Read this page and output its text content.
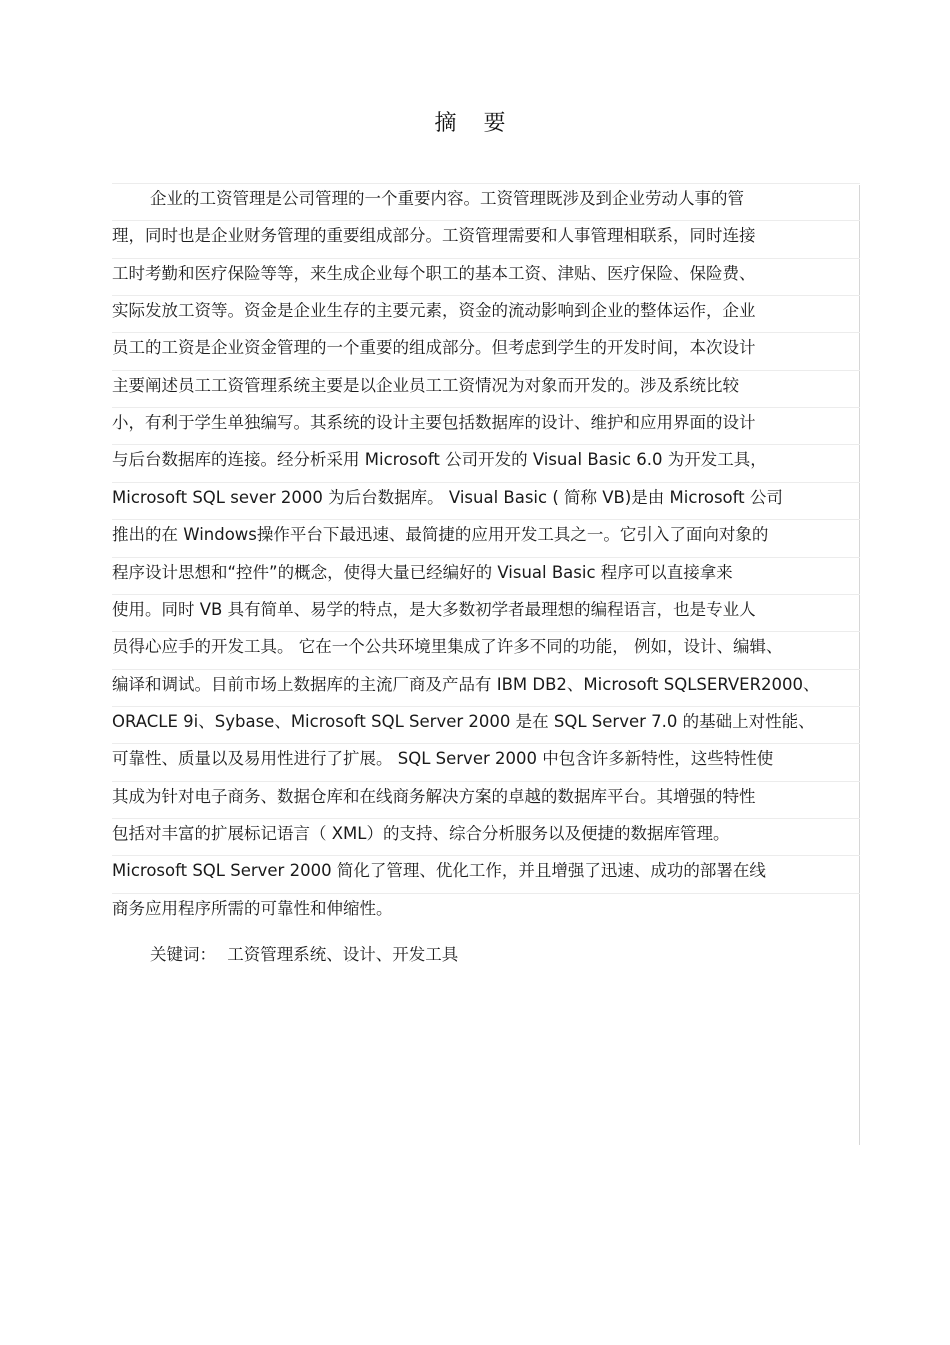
摘 要
企业的工资管理是公司管理的一个重要内容。工资管理既涉及到企业劳动人事的管
理，同时也是企业财务管理的重要组成部分。工资管理需要和人事管理相联系，同时连接
工时考勤和医疗保险等等，来生成企业每个职工的基本工资、津贴、医疗保险、保险费、
实际发放工资等。资金是企业生存的主要元素，资金的流动影响到企业的整体运作，企业
员工的工资是企业资金管理的一个重要的组成部分。但考虑到学生的开发时间，本次设计
主要阐述员工工资管理系统主要是以企业员工工资情况为对象而开发的。涉及系统比较
小，有利于学生单独编写。其系统的设计主要包括数据库的设计、维护和应用界面的设计
与后台数据库的连接。经分析采用 Microsoft 公司开发的 Visual Basic 6.0 为开发工具，
Microsoft SQL sever 2000 为后台数据库。 Visual Basic ( 简称 VB)是由 Microsoft 公司
推出的在 Windows操作平台下最迅速、最简捷的应用开发工具之一。它引入了面向对象的
程序设计思想和“控件”的概念，使得大量已经编好的 Visual Basic 程序可以直接拿来
使用。同时 VB 具有简单、易学的特点，是大多数初学者最理想的编程语言，也是专业人
员得心应手的开发工具。 它在一个公共环境里集成了许多不同的功能， 例如，设计、编辑、
编译和调试。目前市场上数据库的主流厂商及产品有 IBM DB2、Microsoft SQLSERVER2000、
ORACLE 9i、Sybase、Microsoft SQL Server 2000 是在 SQL Server 7.0 的基础上对性能、
可靠性、质量以及易用性进行了扩展。 SQL Server 2000 中包含许多新特性，这些特性使
其成为针对电子商务、数据仓库和在线商务解决方案的卓越的数据库平台。其增强的特性
包括对丰富的扩展标记语言（ XML）的支持、综合分析服务以及便捷的数据库管理。
Microsoft SQL Server 2000 简化了管理、优化工作，并且增强了迅速、成功的部署在线
商务应用程序所需的可靠性和伸缩性。
关键词： 工资管理系统、设计、开发工具
